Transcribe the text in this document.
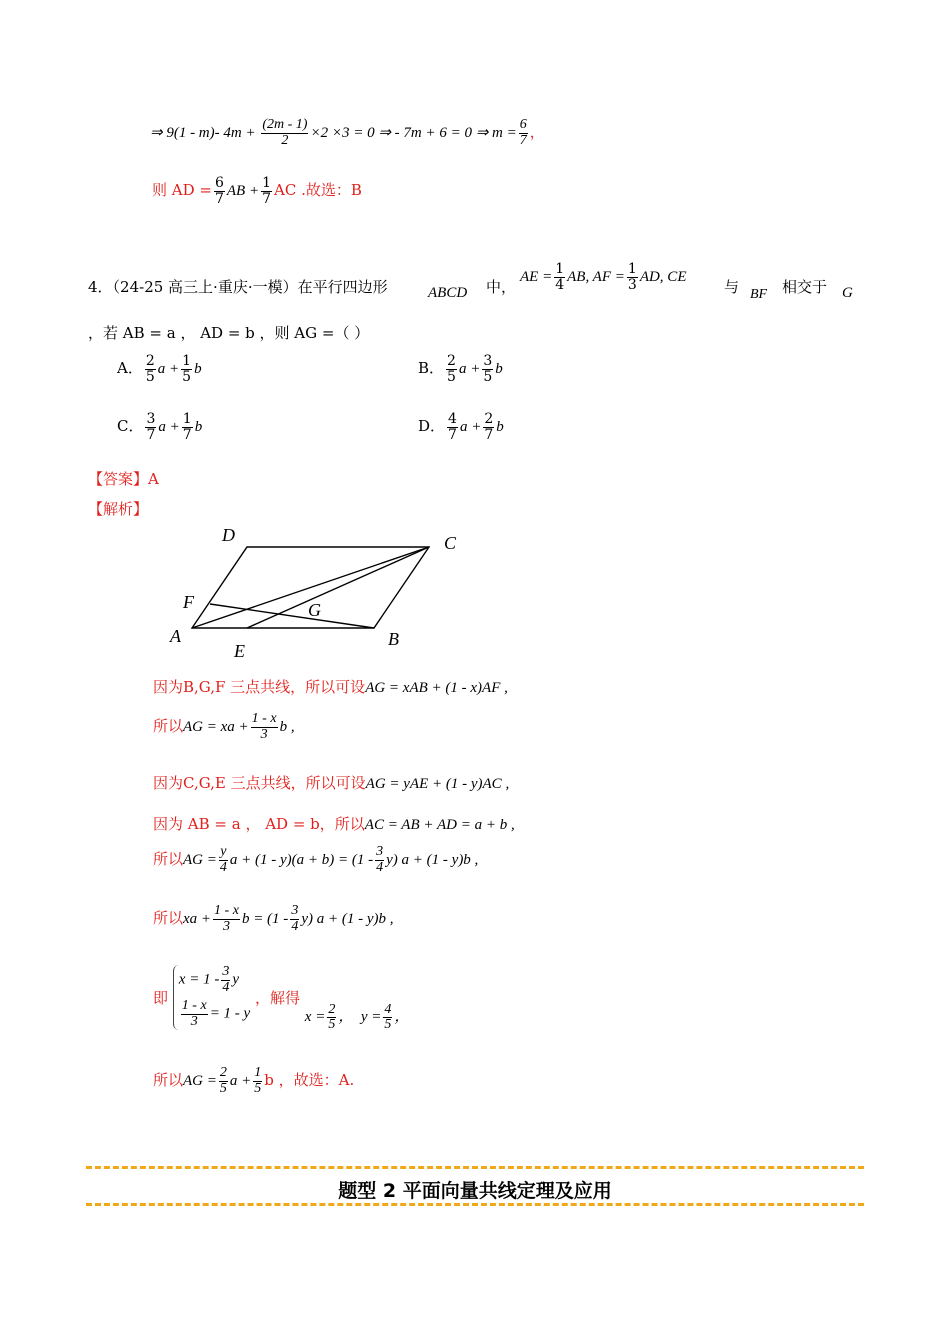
⇒ 9(1 - m)- $4m + \frac{(2m - 1)}{2} \times 2 \times 3 = 0$ ⇒ - 7m + 6 = 0 ⇒ $m = \frac{6}{7}$ ，
则 AD = $\frac{6}{7}$ AB + $\frac{1}{7}$ AC .故选：B
4．（24-25 高三上·重庆·一模）在平行四边形	ABCD 中，
AE = $\frac{1}{4}$ AB, AF = $\frac{1}{3}$ AD, CE
与 BF 相交于 G
，若 AB = a ， AD = b ，则 AG =（ ）
A． $\frac{2}{5}$ $a + \frac{1}{5}$ b	B． $\frac{2}{5}$ $a + \frac{3}{5}$ b
C． $\frac{3}{7}$ $a + \frac{1}{7}$ b	D． $\frac{4}{7}$ $a + \frac{2}{7}$ b
【答案】A
【解析】
D	C
F	G
A
E
B
因为B,G,F 三点共线，所以可设AG = xAB + (1 - x)AF ,
所以AG = xa + $\frac{1 - x}{3}$ b ,
因为C,G,E 三点共线，所以可设AG = yAE + (1 - y)AC ,
因为 AB = a ， AD = b，所以AC = AB + AD = a + b ,
所以AG = $\frac{y}{4}$ $a + (1 - y)(a + b) = (1 - \frac{3}{4} y)$ a + (1 - y)b ,
所以xa + $\frac{1 - x}{3}$ $b = (1 - \frac{3}{4} y)$ a + (1 - y)b ,
即
$x = 1 - \frac{3}{4}$ y
$\frac{1 - x}{3} = 1 - y$
，解得 $x = \frac{2}{5}$ ， $y = \frac{4}{5}$ ，
所以AG = $\frac{2}{5}$ $a + \frac{1}{5}$ b ，故选：A.
题型 2 平面向量共线定理及应用
